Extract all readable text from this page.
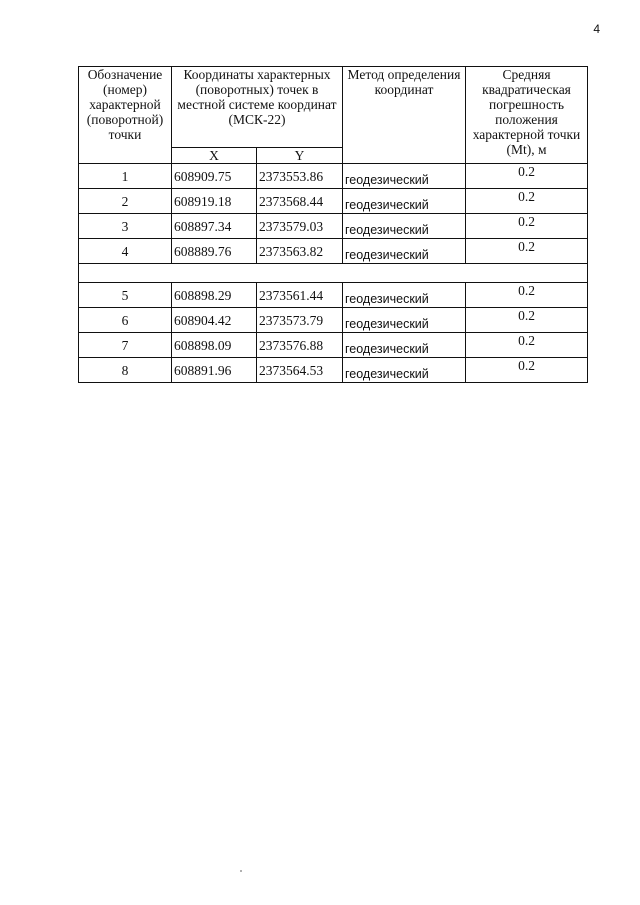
4
Обозначение (номер) характерной (поворотной) точки	Координаты характерных (поворотных) точек в местной системе координат (МСК-22)		Метод определения координат	Средняя квадратическая погрешность положения характерной точки (Mt), м
	X	Y		
1	608909.75	2373553.86	геодезический	0.2
2	608919.18	2373568.44	геодезический	0.2
3	608897.34	2373579.03	геодезический	0.2
4	608889.76	2373563.82	геодезический	0.2

5	608898.29	2373561.44	геодезический	0.2
6	608904.42	2373573.79	геодезический	0.2
7	608898.09	2373576.88	геодезический	0.2
8	608891.96	2373564.53	геодезический	0.2
